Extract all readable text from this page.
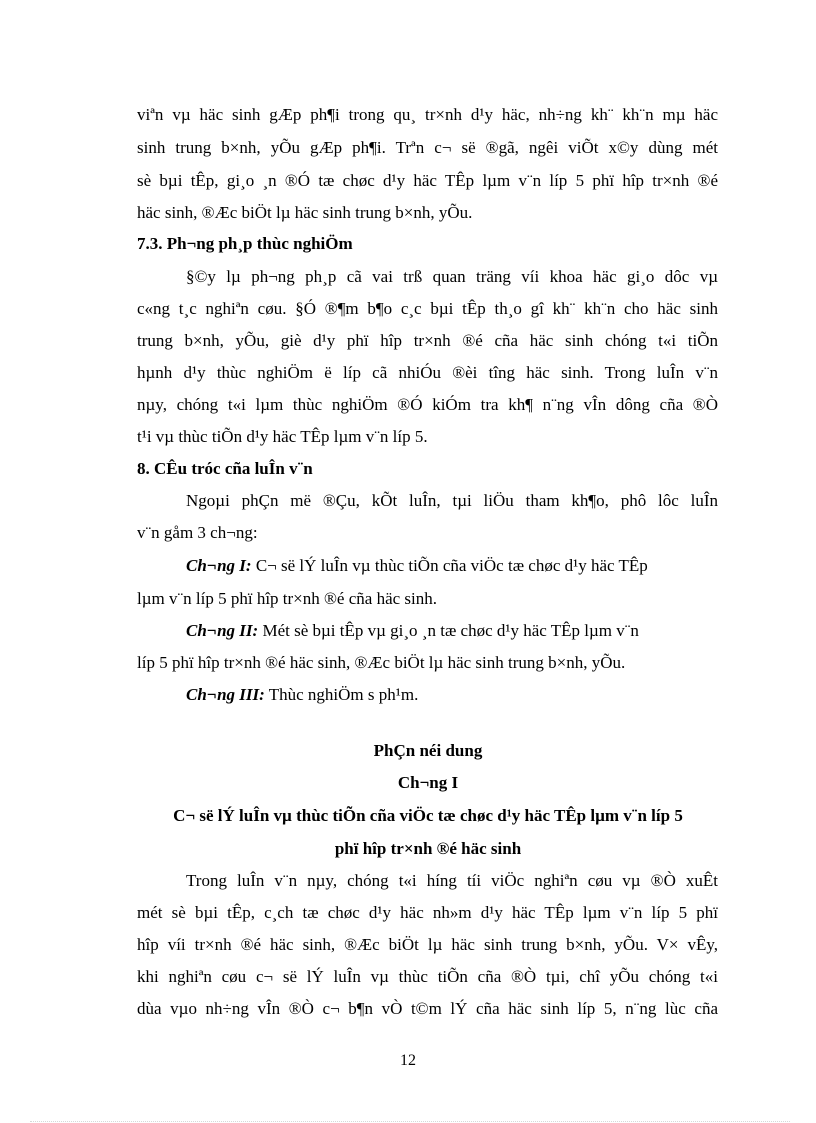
viªn vµ häc sinh gÆp ph¶i trong qu¸ tr×nh d¹y häc, nh÷ng kh¨ kh¨n mµ häc
sinh trung b×nh, yÕu gÆp ph¶i. Trªn c¬ së ®gã, ngêi viÕt x©y dùng mét
sè bµi tÊp, gi¸o ¸n ®Ó tæ chøc d¹y häc TÊp lµm v¨n líp 5 phï hîp tr×nh ®é
häc sinh, ®Æc biÖt lµ häc sinh trung b×nh, yÕu.
7.3. Ph¬ng ph¸p thùc nghiÖm
§©y lµ ph¬ng ph¸p cã vai trß quan träng víi khoa häc gi¸o dôc vµ
c«ng t¸c nghiªn cøu. §Ó ®¶m b¶o c¸c bµi tÊp th¸o gî kh¨ kh¨n cho häc sinh
trung b×nh, yÕu, giè d¹y phï hîp tr×nh ®é cña häc sinh chóng t«i tiÕn
hµnh d¹y thùc nghiÖm ë líp cã nhiÓu ®èi tîng häc sinh. Trong luÎn v¨n
nµy, chóng t«i lµm thùc nghiÖm ®Ó kiÓm tra kh¶ n¨ng vÎn dông cña ®Ò
t¹i vµ thùc tiÕn d¹y häc TÊp lµm v¨n líp 5.
8. CÊu tróc cña luÎn v¨n
Ngoµi phÇn më ®Çu, kÕt luÎn, tµi liÖu tham kh¶o, phô lôc luÎn
v¨n gåm 3 ch¬ng:
Ch¬ng I: C¬ së lÝ luÎn vµ thùc tiÕn cña viÖc tæ chøc d¹y häc TÊp
lµm v¨n líp 5 phï hîp tr×nh ®é cña häc sinh.
Ch¬ng II: Mét sè bµi tÊp vµ gi¸o ¸n tæ chøc d¹y häc TÊp lµm v¨n
líp 5 phï hîp tr×nh ®é häc sinh, ®Æc biÖt lµ häc sinh trung b×nh, yÕu.
Ch¬ng III: Thùc nghiÖm s ph¹m.
PhÇn néi dung
Ch¬ng I
C¬ së lÝ luÎn vµ thùc tiÕn cña viÖc tæ chøc d¹y häc TÊp lµm v¨n líp 5
phï hîp tr×nh ®é häc sinh
Trong luÎn v¨n nµy, chóng t«i híng tíi viÖc nghiªn cøu vµ ®Ò xuÊt
mét sè bµi tÊp, c¸ch tæ chøc d¹y häc nh»m d¹y häc TÊp lµm v¨n líp 5 phï
hîp víi tr×nh ®é häc sinh, ®Æc biÖt lµ häc sinh trung b×nh, yÕu. V× vÊy,
khi nghiªn cøu c¬ së lÝ luÎn vµ thùc tiÕn cña ®Ò tµi, chî yÕu chóng t«i
dùa vµo nh÷ng vÎn ®Ò c¬ b¶n vÒ t©m lÝ cña häc sinh líp 5, n¨ng lùc cña
12
